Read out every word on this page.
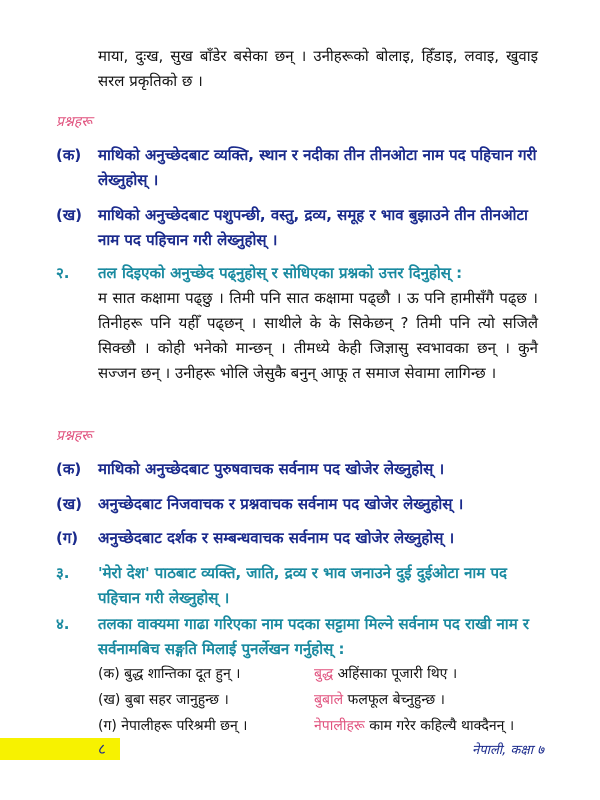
माया, दुःख, सुख बाँडेर बसेका छन् । उनीहरूको बोलाइ, हिँडाइ, लवाइ, खुवाइ सरल प्रकृतिको छ ।
प्रश्नहरू
(क)	माथिको अनुच्छेदबाट व्यक्ति, स्थान र नदीका तीन तीनओटा नाम पद पहिचान गरी लेख्नुहोस् ।
(ख)	माथिको अनुच्छेदबाट पशुपन्छी, वस्तु, द्रव्य, समूह र भाव बुझाउने तीन तीनओटा नाम पद पहिचान गरी लेख्नुहोस् ।
२.	तल दिइएको अनुच्छेद पढ्नुहोस् र सोधिएका प्रश्नको उत्तर दिनुहोस् :
म सात कक्षामा पढ्छु । तिमी पनि सात कक्षामा पढ्छौ । ऊ पनि हामीसँगै पढ्छ । तिनीहरू पनि यहीँ पढ्छन् । साथीले के के सिकेछन् ? तिमी पनि त्यो सजिलै सिक्छौ । कोही भनेको मान्छन् । तीमध्ये केही जिज्ञासु स्वभावका छन् । कुनै सज्जन छन् । उनीहरू भोलि जेसुकै बनुन् आफू त समाज सेवामा लागिन्छ ।
प्रश्नहरू
(क)	माथिको अनुच्छेदबाट पुरुषवाचक सर्वनाम पद खोजेर लेख्नुहोस् ।
(ख)	अनुच्छेदबाट निजवाचक र प्रश्नवाचक सर्वनाम पद खोजेर लेख्नुहोस् ।
(ग)	अनुच्छेदबाट दर्शक र सम्बन्धवाचक सर्वनाम पद खोजेर लेख्नुहोस् ।
३.	'मेरो देश' पाठबाट व्यक्ति, जाति, द्रव्य र भाव जनाउने दुई दुईओटा नाम पद पहिचान गरी लेख्नुहोस् ।
४.	तलका वाक्यमा गाढा गरिएका नाम पदका सट्टामा मिल्ने सर्वनाम पद राखी नाम र सर्वनामबिच सङ्गति मिलाई पुनर्लेखन गर्नुहोस् :
(क) बुद्ध शान्तिका दूत हुन् ।	बुद्ध अहिंसाका पूजारी थिए ।
(ख) बुबा सहर जानुहुन्छ ।	बुबाले फलफूल बेच्नुहुन्छ ।
(ग) नेपालीहरू परिश्रमी छन् ।	नेपालीहरू काम गरेर कहिल्यै थाक्दैनन् ।
८	नेपाली, कक्षा ७
